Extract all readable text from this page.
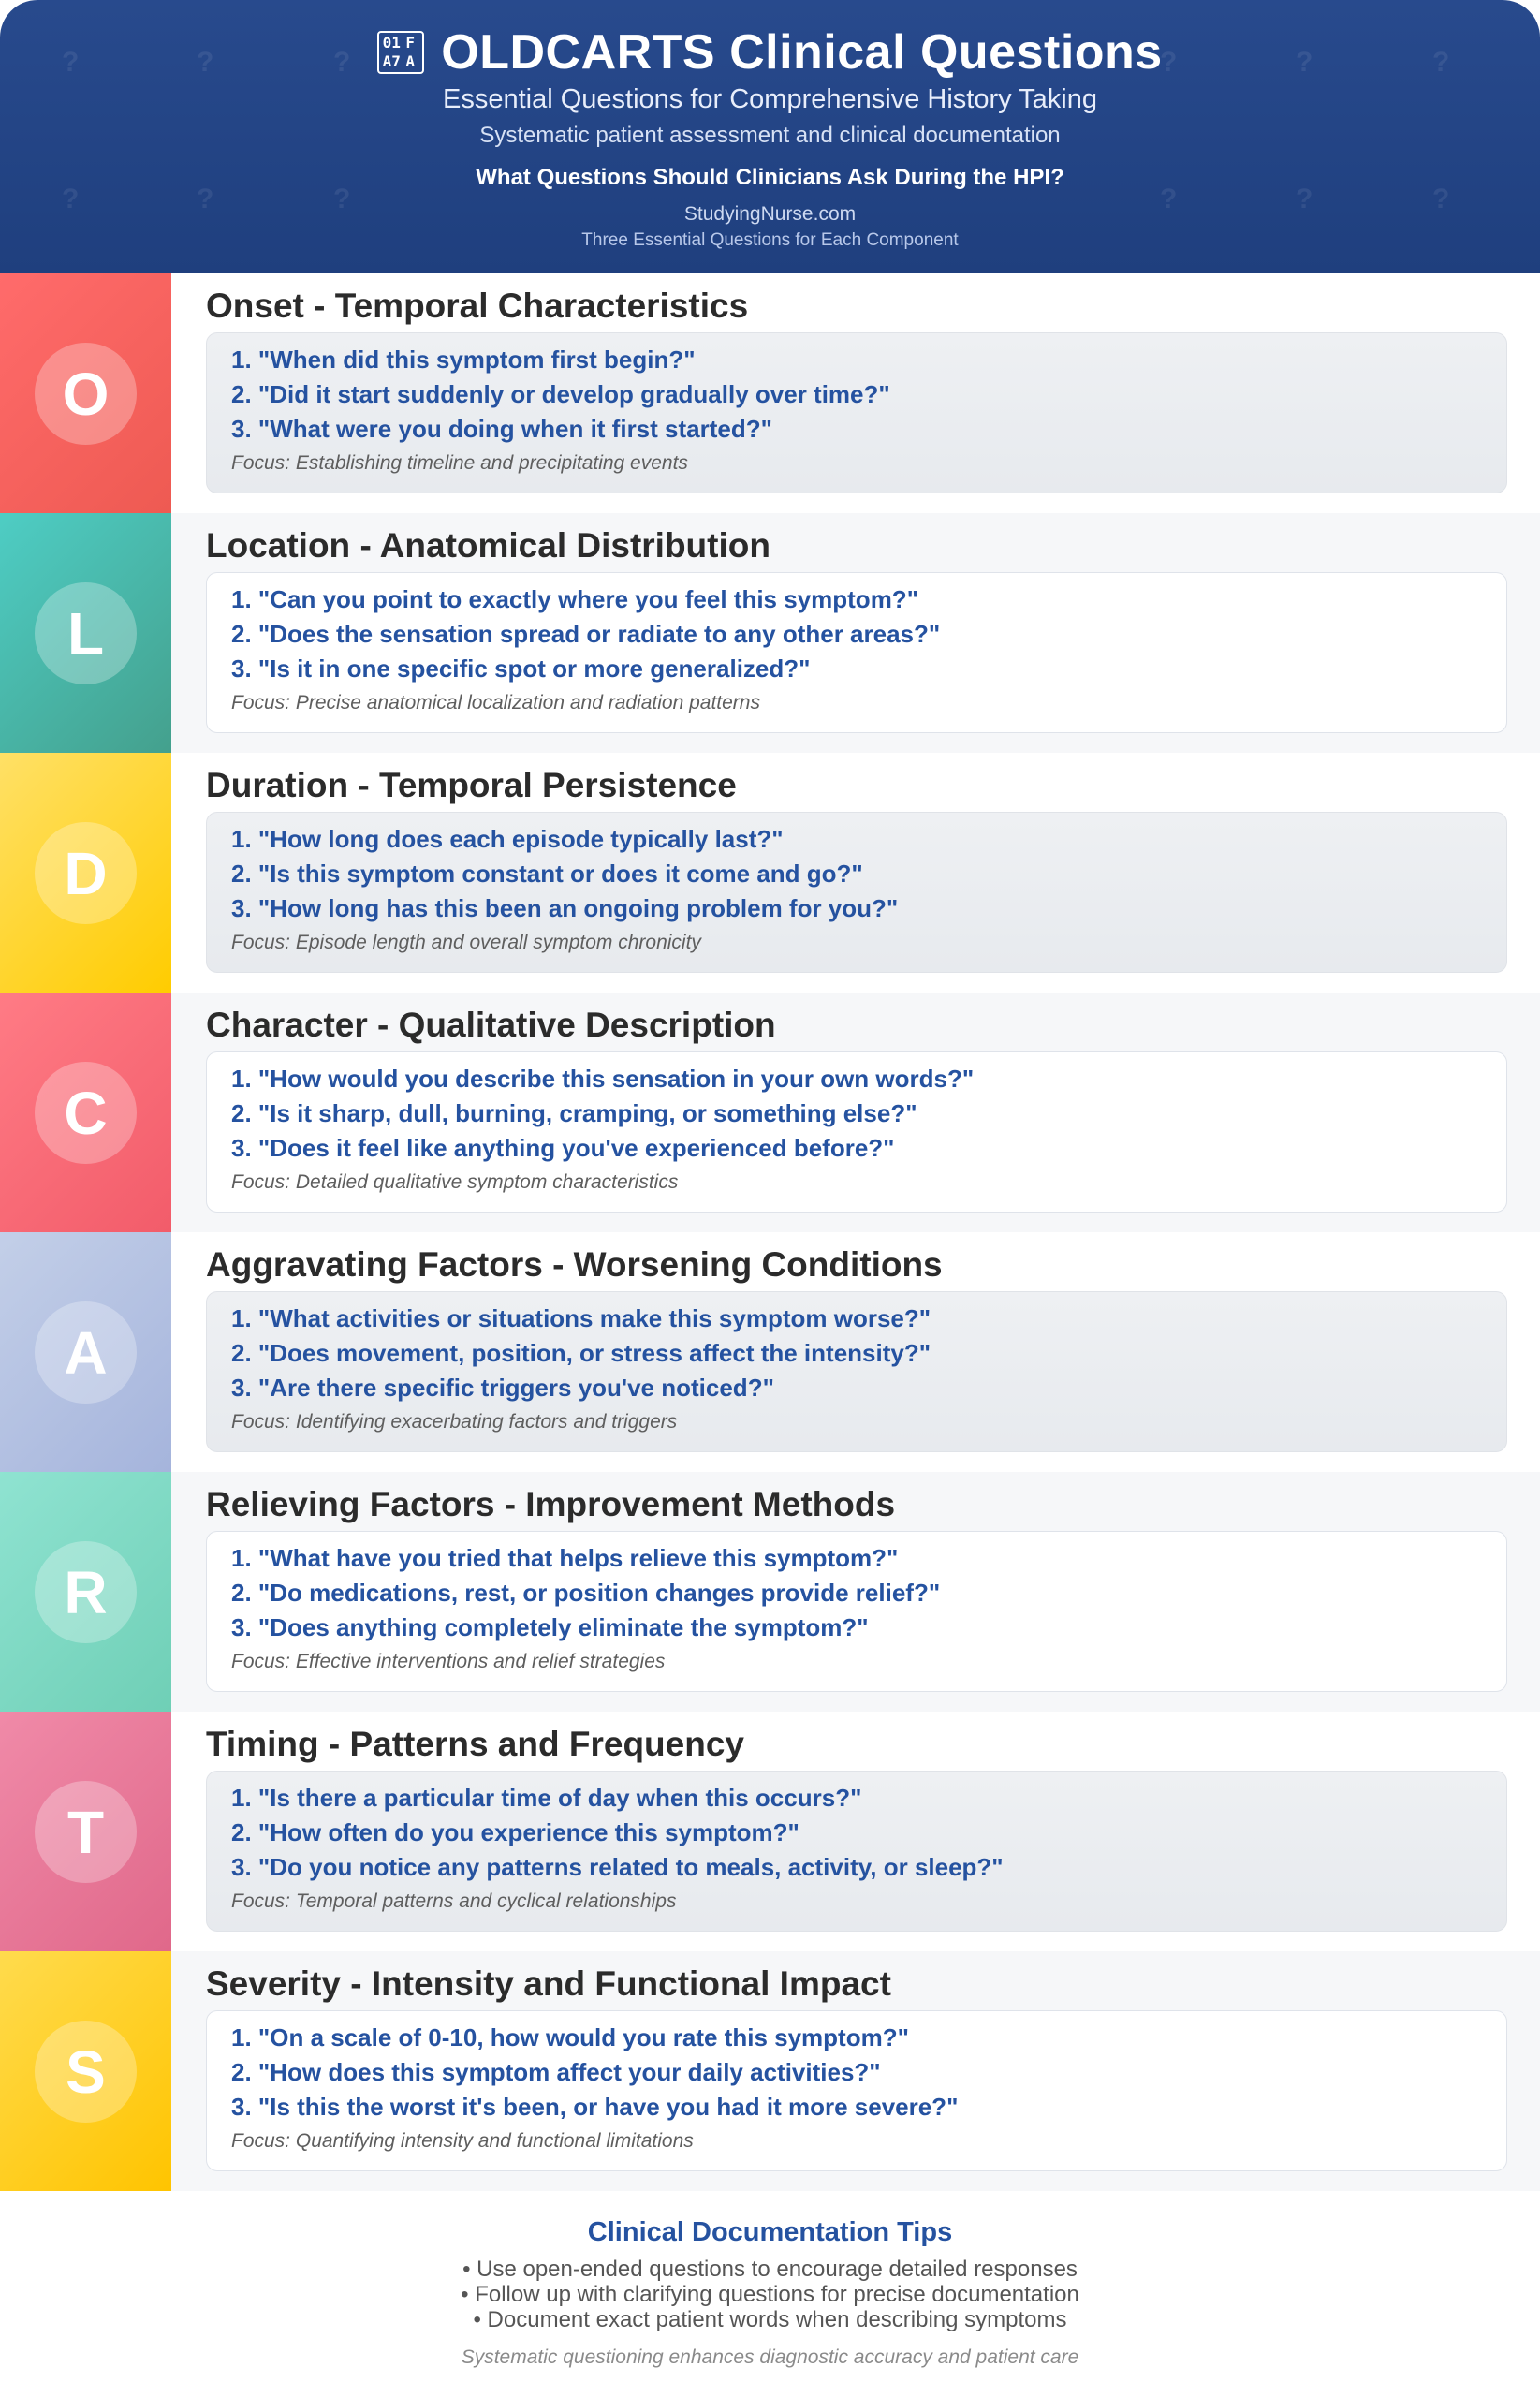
?	?	?	?	?	?
?	?	?	?	?	?
01 F
A7 A OLDCARTS Clinical Questions
Essential Questions for Comprehensive History Taking
Systematic patient assessment and clinical documentation
What Questions Should Clinicians Ask During the HPI?
StudyingNurse.com
Three Essential Questions for Each Component
O
Onset - Temporal Characteristics
1. "When did this symptom first begin?"
2. "Did it start suddenly or develop gradually over time?"
3. "What were you doing when it first started?"
Focus: Establishing timeline and precipitating events
L
Location - Anatomical Distribution
1. "Can you point to exactly where you feel this symptom?"
2. "Does the sensation spread or radiate to any other areas?"
3. "Is it in one specific spot or more generalized?"
Focus: Precise anatomical localization and radiation patterns
D
Duration - Temporal Persistence
1. "How long does each episode typically last?"
2. "Is this symptom constant or does it come and go?"
3. "How long has this been an ongoing problem for you?"
Focus: Episode length and overall symptom chronicity
C
Character - Qualitative Description
1. "How would you describe this sensation in your own words?"
2. "Is it sharp, dull, burning, cramping, or something else?"
3. "Does it feel like anything you've experienced before?"
Focus: Detailed qualitative symptom characteristics
A
Aggravating Factors - Worsening Conditions
1. "What activities or situations make this symptom worse?"
2. "Does movement, position, or stress affect the intensity?"
3. "Are there specific triggers you've noticed?"
Focus: Identifying exacerbating factors and triggers
R
Relieving Factors - Improvement Methods
1. "What have you tried that helps relieve this symptom?"
2. "Do medications, rest, or position changes provide relief?"
3. "Does anything completely eliminate the symptom?"
Focus: Effective interventions and relief strategies
T
Timing - Patterns and Frequency
1. "Is there a particular time of day when this occurs?"
2. "How often do you experience this symptom?"
3. "Do you notice any patterns related to meals, activity, or sleep?"
Focus: Temporal patterns and cyclical relationships
S
Severity - Intensity and Functional Impact
1. "On a scale of 0-10, how would you rate this symptom?"
2. "How does this symptom affect your daily activities?"
3. "Is this the worst it's been, or have you had it more severe?"
Focus: Quantifying intensity and functional limitations
Clinical Documentation Tips
• Use open-ended questions to encourage detailed responses
• Follow up with clarifying questions for precise documentation
• Document exact patient words when describing symptoms
Systematic questioning enhances diagnostic accuracy and patient care
